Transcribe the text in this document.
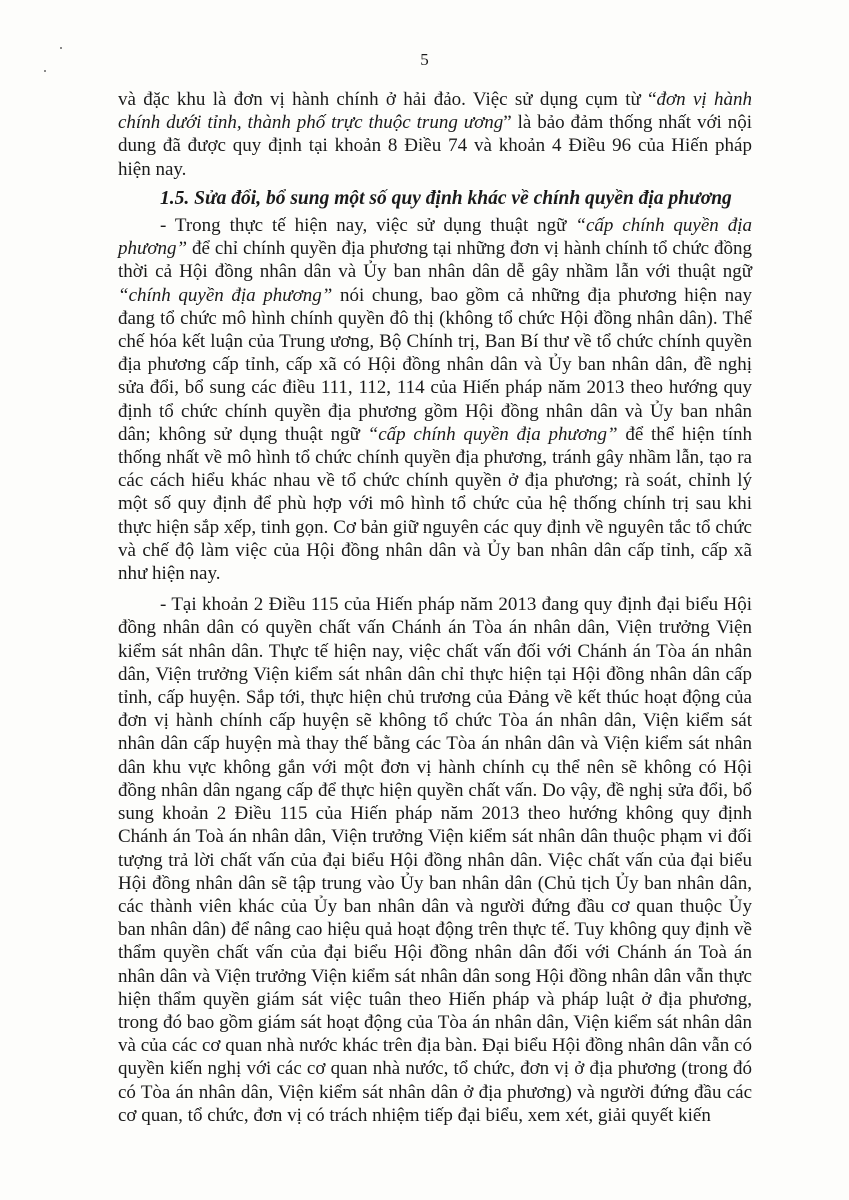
5

và đặc khu là đơn vị hành chính ở hải đảo. Việc sử dụng cụm từ “đơn vị hành chính dưới tỉnh, thành phố trực thuộc trung ương” là bảo đảm thống nhất với nội dung đã được quy định tại khoản 8 Điều 74 và khoản 4 Điều 96 của Hiến pháp hiện nay.

1.5. Sửa đổi, bổ sung một số quy định khác về chính quyền địa phương

- Trong thực tế hiện nay, việc sử dụng thuật ngữ “cấp chính quyền địa phương” để chỉ chính quyền địa phương tại những đơn vị hành chính tổ chức đồng thời cả Hội đồng nhân dân và Ủy ban nhân dân dễ gây nhầm lẫn với thuật ngữ “chính quyền địa phương” nói chung, bao gồm cả những địa phương hiện nay đang tổ chức mô hình chính quyền đô thị (không tổ chức Hội đồng nhân dân). Thể chế hóa kết luận của Trung ương, Bộ Chính trị, Ban Bí thư về tổ chức chính quyền địa phương cấp tỉnh, cấp xã có Hội đồng nhân dân và Ủy ban nhân dân, đề nghị sửa đổi, bổ sung các điều 111, 112, 114 của Hiến pháp năm 2013 theo hướng quy định tổ chức chính quyền địa phương gồm Hội đồng nhân dân và Ủy ban nhân dân; không sử dụng thuật ngữ “cấp chính quyền địa phương” để thể hiện tính thống nhất về mô hình tổ chức chính quyền địa phương, tránh gây nhầm lẫn, tạo ra các cách hiểu khác nhau về tổ chức chính quyền ở địa phương; rà soát, chỉnh lý một số quy định để phù hợp với mô hình tổ chức của hệ thống chính trị sau khi thực hiện sắp xếp, tinh gọn. Cơ bản giữ nguyên các quy định về nguyên tắc tổ chức và chế độ làm việc của Hội đồng nhân dân và Ủy ban nhân dân cấp tỉnh, cấp xã như hiện nay.

- Tại khoản 2 Điều 115 của Hiến pháp năm 2013 đang quy định đại biểu Hội đồng nhân dân có quyền chất vấn Chánh án Tòa án nhân dân, Viện trưởng Viện kiểm sát nhân dân. Thực tế hiện nay, việc chất vấn đối với Chánh án Tòa án nhân dân, Viện trưởng Viện kiểm sát nhân dân chỉ thực hiện tại Hội đồng nhân dân cấp tỉnh, cấp huyện. Sắp tới, thực hiện chủ trương của Đảng về kết thúc hoạt động của đơn vị hành chính cấp huyện sẽ không tổ chức Tòa án nhân dân, Viện kiểm sát nhân dân cấp huyện mà thay thế bằng các Tòa án nhân dân và Viện kiểm sát nhân dân khu vực không gắn với một đơn vị hành chính cụ thể nên sẽ không có Hội đồng nhân dân ngang cấp để thực hiện quyền chất vấn. Do vậy, đề nghị sửa đổi, bổ sung khoản 2 Điều 115 của Hiến pháp năm 2013 theo hướng không quy định Chánh án Toà án nhân dân, Viện trưởng Viện kiểm sát nhân dân thuộc phạm vi đối tượng trả lời chất vấn của đại biểu Hội đồng nhân dân. Việc chất vấn của đại biểu Hội đồng nhân dân sẽ tập trung vào Ủy ban nhân dân (Chủ tịch Ủy ban nhân dân, các thành viên khác của Ủy ban nhân dân và người đứng đầu cơ quan thuộc Ủy ban nhân dân) để nâng cao hiệu quả hoạt động trên thực tế. Tuy không quy định về thẩm quyền chất vấn của đại biểu Hội đồng nhân dân đối với Chánh án Toà án nhân dân và Viện trưởng Viện kiểm sát nhân dân song Hội đồng nhân dân vẫn thực hiện thẩm quyền giám sát việc tuân theo Hiến pháp và pháp luật ở địa phương, trong đó bao gồm giám sát hoạt động của Tòa án nhân dân, Viện kiểm sát nhân dân và của các cơ quan nhà nước khác trên địa bàn. Đại biểu Hội đồng nhân dân vẫn có quyền kiến nghị với các cơ quan nhà nước, tổ chức, đơn vị ở địa phương (trong đó có Tòa án nhân dân, Viện kiểm sát nhân dân ở địa phương) và người đứng đầu các cơ quan, tổ chức, đơn vị có trách nhiệm tiếp đại biểu, xem xét, giải quyết kiến
